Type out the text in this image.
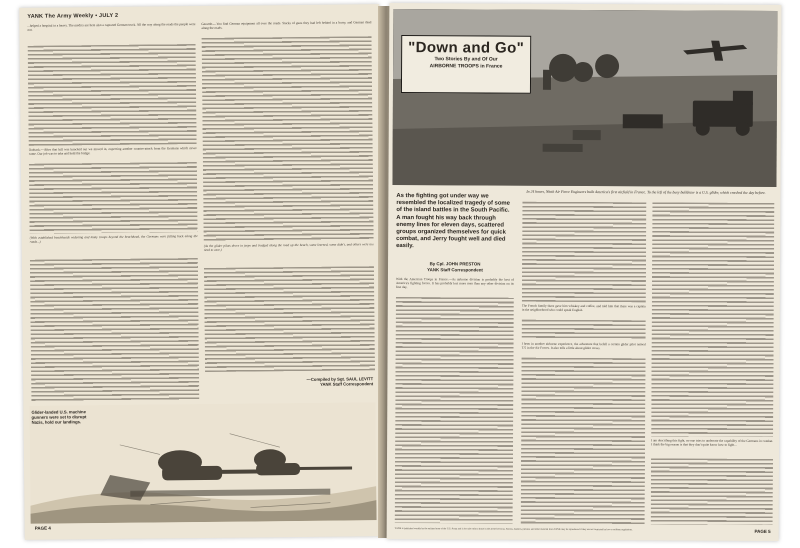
YANK The Army Weekly • JULY 2
...helped a hospital in a heavy. The medics are here also a captured German truck. All the way along the roads the people were out.
Outback.—After that hill was knocked out we moved in, expecting another counter-attack from the Germans which never came. Our job was to take and hold the bridge.
(With established beachheads widening and many troops beyond the beachhead, the Germans were falling back along the roads...)
Gerardo.—You find German equipment all over the roads. Stacks of guns they had left behind in a hurry, and German dead along the roads.
(As the glider pilots drove in jeeps and trudged along the road up the beach, some learned, some didn't, and others were too tired to care.)
—Compiled by Sgt. SAUL LEVITT
YANK Staff Correspondent
Glider-landed U.S. machine gunners were set to disrupt Nazis, hold our landings.
PAGE 4
"Down and Go"
Two Stories By and Of Our
AIRBORNE TROOPS in France
As the fighting got under way we resembled the localized tragedy of some of the island battles in the South Pacific. A man fought his way back through enemy lines for eleven days, scattered groups organized themselves for quick combat, and Jerry fought well and died easily.
By Cpl. JOHN PRESTON
YANK Staff Correspondent
In 24 hours, Ninth Air Force Engineers built America's first airfield in France. To the left of the busy bulldozer is a U.S. glider, which crashed the day before.
With the American Troops in France.—As airborne division is probably the best of America's fighting forces. It has probably lost more men than any other division on its first day.
The French family there gave him whiskey and coffee, and told him that there was a captain in the neighborhood who could speak English.
I been in another airborne experience, the adventure that befell a certain glider pilot named T/5 in the Air Forces. It also tells a little about glider crews.
I am describing this fight, no one tries to underrate the capability of the Germans in combat. I think the big reason is that they don't quite know how to fight...
YANK is published weekly by the enlisted men of the U.S. Army and is for sale only to those in the armed services. Stories, features, pictures and other material from YANK may be reproduced if they are not restricted by law or military regulations.	PAGE 5
